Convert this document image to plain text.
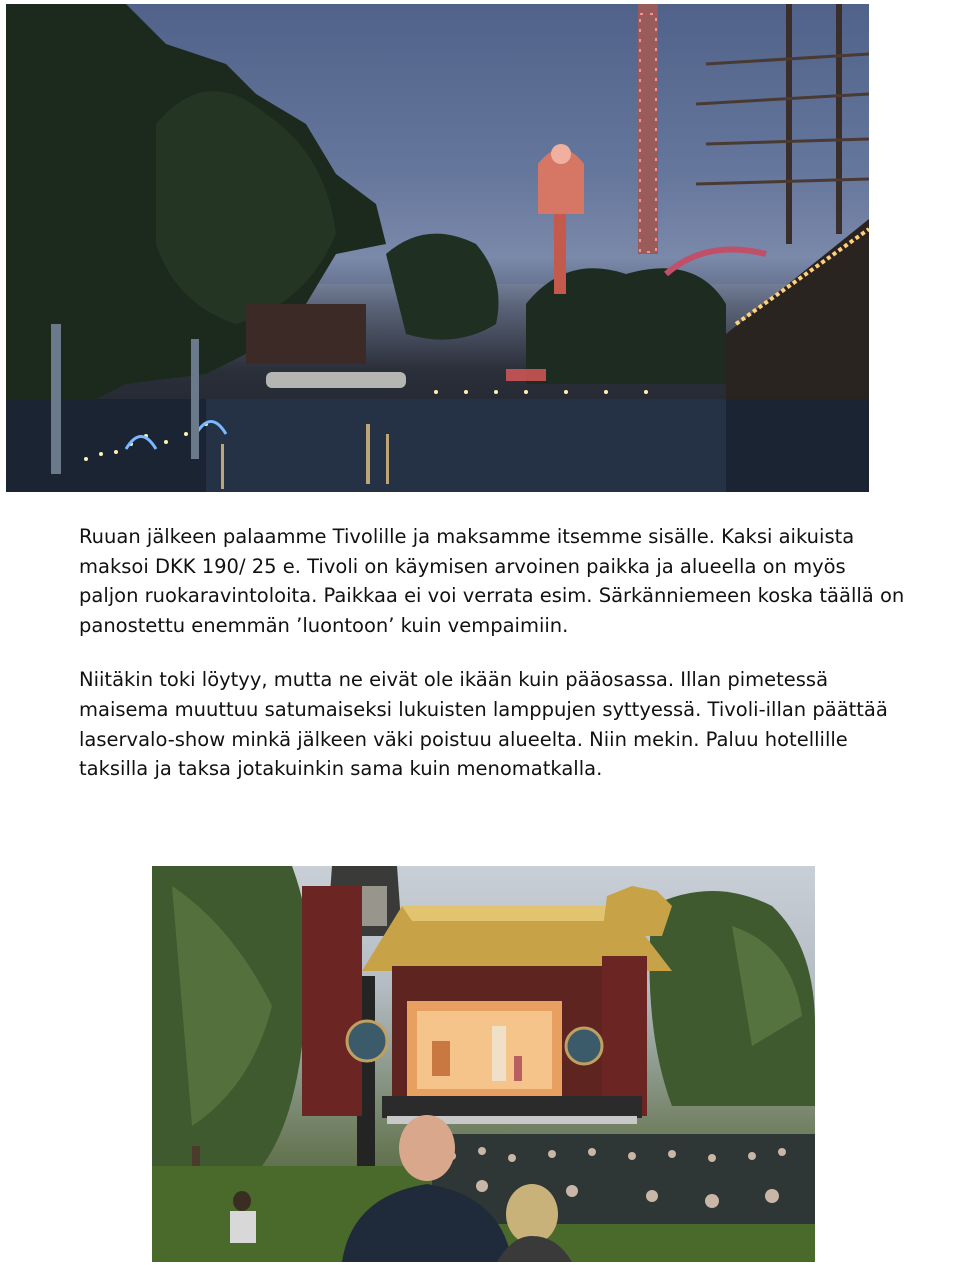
Ruuan jälkeen palaamme Tivolille ja maksamme itsemme sisälle. Kaksi aikuista

maksoi DKK 190/ 25 e. Tivoli on käymisen arvoinen paikka ja alueella on myös

paljon ruokaravintoloita. Paikkaa ei voi verrata esim. Särkänniemeen koska täällä on

panostettu enemmän ’luontoon’ kuin vempaimiin.

Niitäkin toki löytyy, mutta ne eivät ole ikään kuin pääosassa. Illan pimetessä

maisema muuttuu satumaiseksi lukuisten lamppujen syttyessä. Tivoli-illan päättää

laservalo-show minkä jälkeen väki poistuu alueelta. Niin mekin. Paluu hotellille

taksilla ja taksa jotakuinkin sama kuin menomatkalla.
